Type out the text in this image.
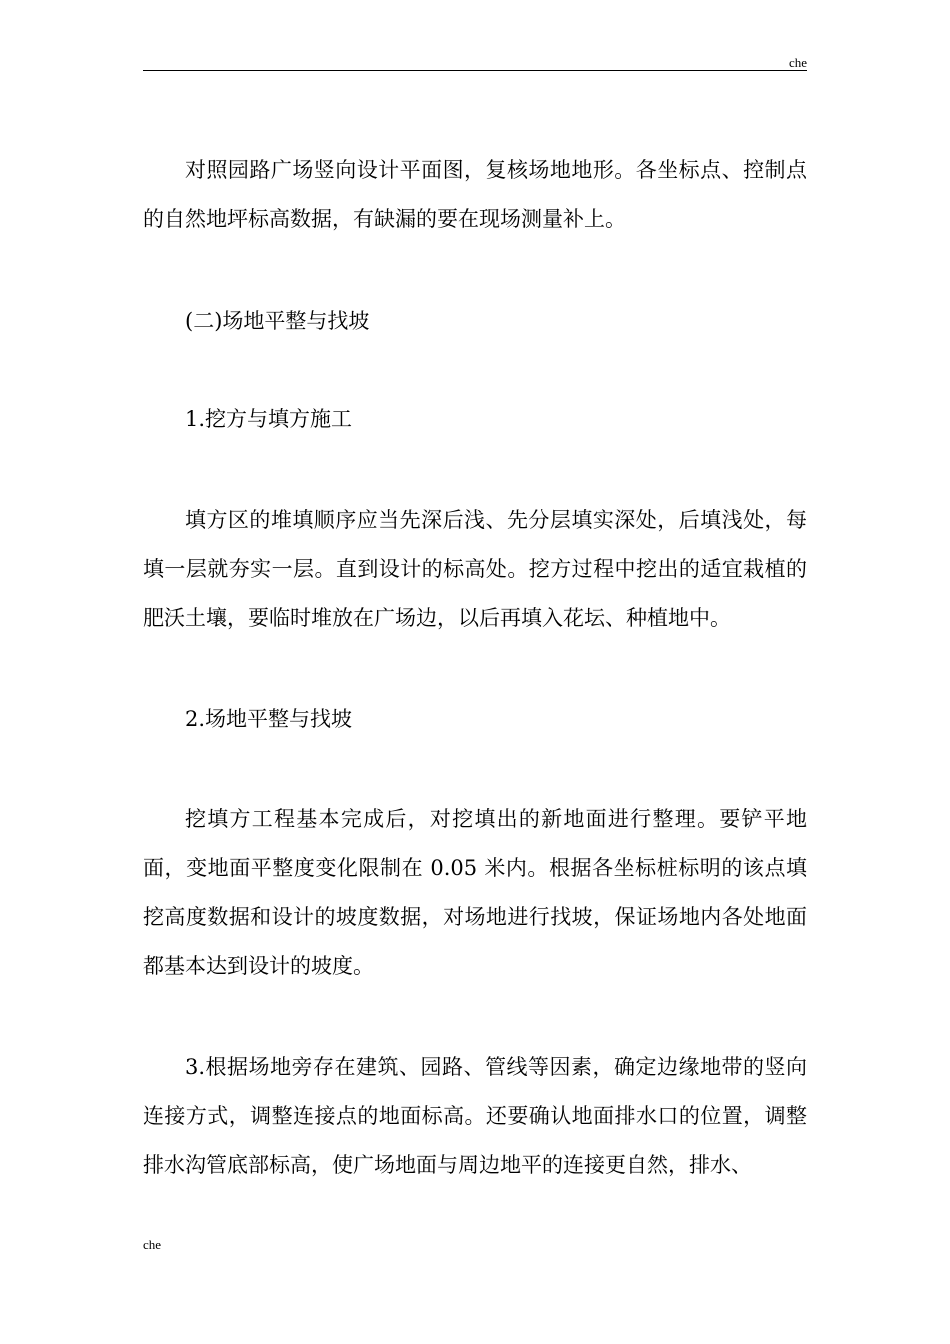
che

对照园路广场竖向设计平面图，复核场地地形。各坐标点、控制点的自然地坪标高数据，有缺漏的要在现场测量补上。

(二)场地平整与找坡

1.挖方与填方施工

填方区的堆填顺序应当先深后浅、先分层填实深处，后填浅处，每填一层就夯实一层。直到设计的标高处。挖方过程中挖出的适宜栽植的肥沃土壤，要临时堆放在广场边，以后再填入花坛、种植地中。

2.场地平整与找坡

挖填方工程基本完成后，对挖填出的新地面进行整理。要铲平地面，变地面平整度变化限制在 0.05 米内。根据各坐标桩标明的该点填挖高度数据和设计的坡度数据，对场地进行找坡，保证场地内各处地面都基本达到设计的坡度。

3.根据场地旁存在建筑、园路、管线等因素，确定边缘地带的竖向连接方式，调整连接点的地面标高。还要确认地面排水口的位置，调整排水沟管底部标高，使广场地面与周边地平的连接更自然，排水、

che
